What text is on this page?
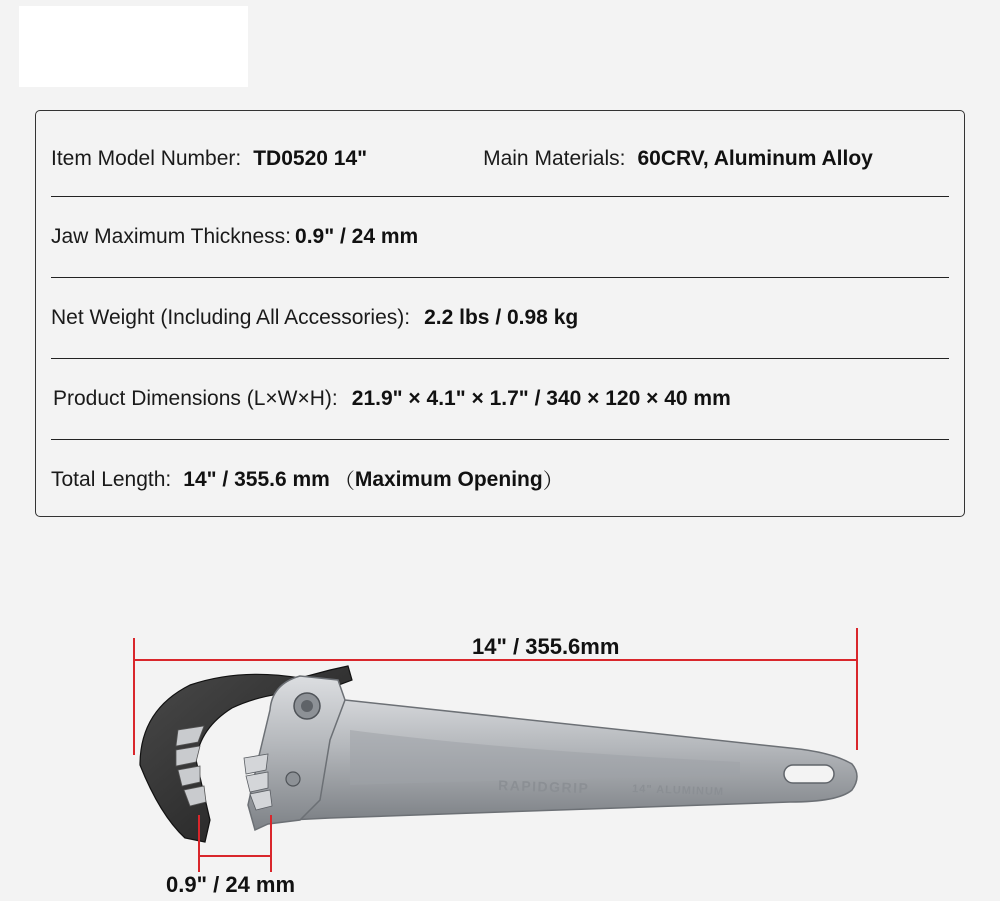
Item Model Number: TD0520 14"	Main Materials: 60CRV, Aluminum Alloy
Jaw Maximum Thickness: 0.9" / 24 mm
Net Weight (Including All Accessories): 2.2 lbs / 0.98 kg
Product Dimensions (L×W×H): 21.9" × 4.1" × 1.7" / 340 × 120 × 40 mm
Total Length: 14" / 355.6 mm （ Maximum Opening ）
RAPIDGRIP	14" ALUMINUM
14" / 355.6mm
0.9" / 24 mm
